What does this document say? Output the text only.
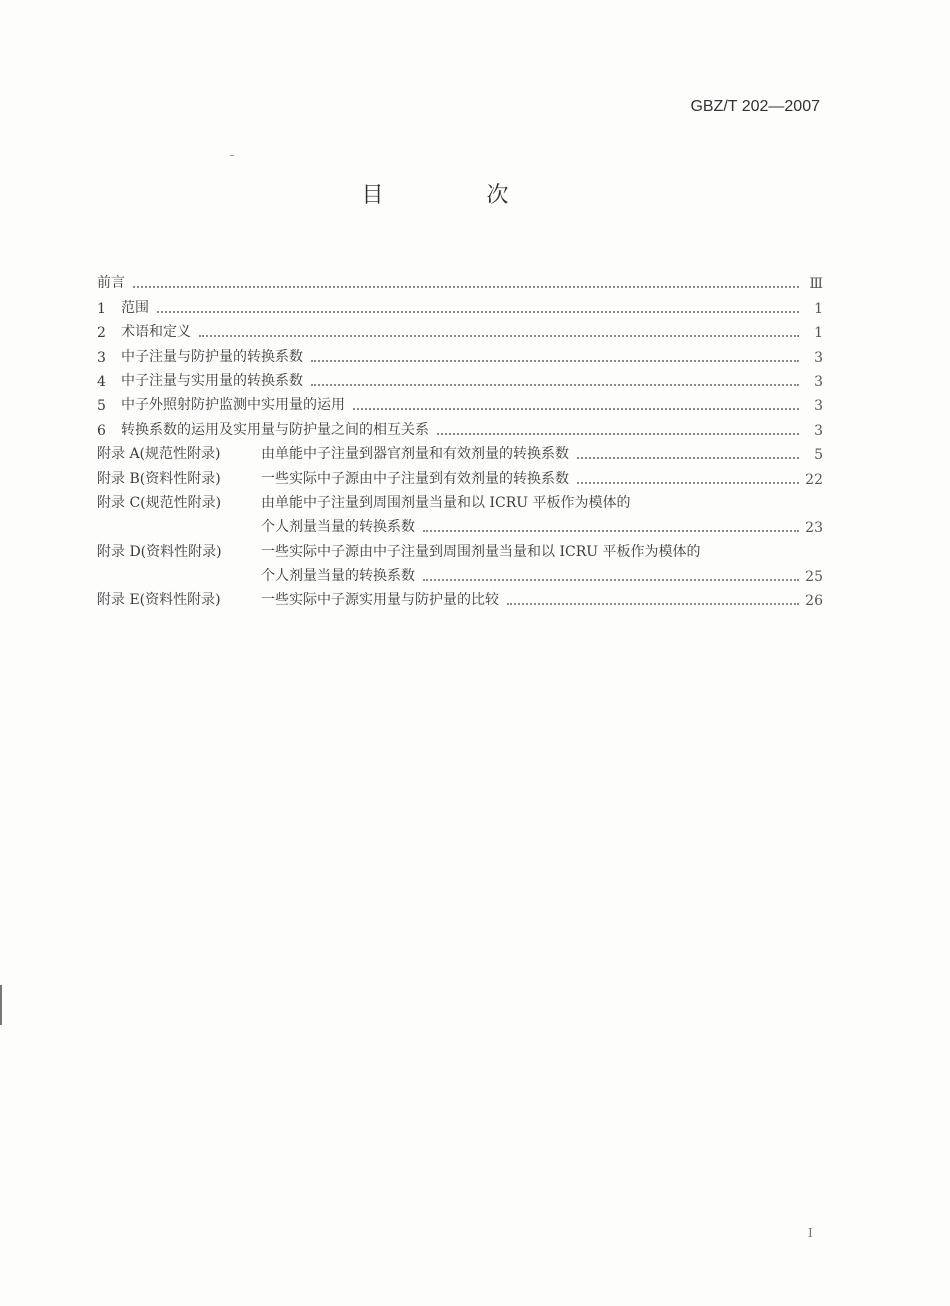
GBZ/T 202—2007
目 次
前言	Ⅲ
1	范围	1
2	术语和定义	1
3	中子注量与防护量的转换系数	3
4	中子注量与实用量的转换系数	3
5	中子外照射防护监测中实用量的运用	3
6	转换系数的运用及实用量与防护量之间的相互关系	3
附录 A(规范性附录)	由单能中子注量到器官剂量和有效剂量的转换系数	5
附录 B(资料性附录)	一些实际中子源由中子注量到有效剂量的转换系数	22
附录 C(规范性附录)	由单能中子注量到周围剂量当量和以 ICRU 平板作为模体的
个人剂量当量的转换系数	23
附录 D(资料性附录)	一些实际中子源由中子注量到周围剂量当量和以 ICRU 平板作为模体的
个人剂量当量的转换系数	25
附录 E(资料性附录)	一些实际中子源实用量与防护量的比较	26
I
